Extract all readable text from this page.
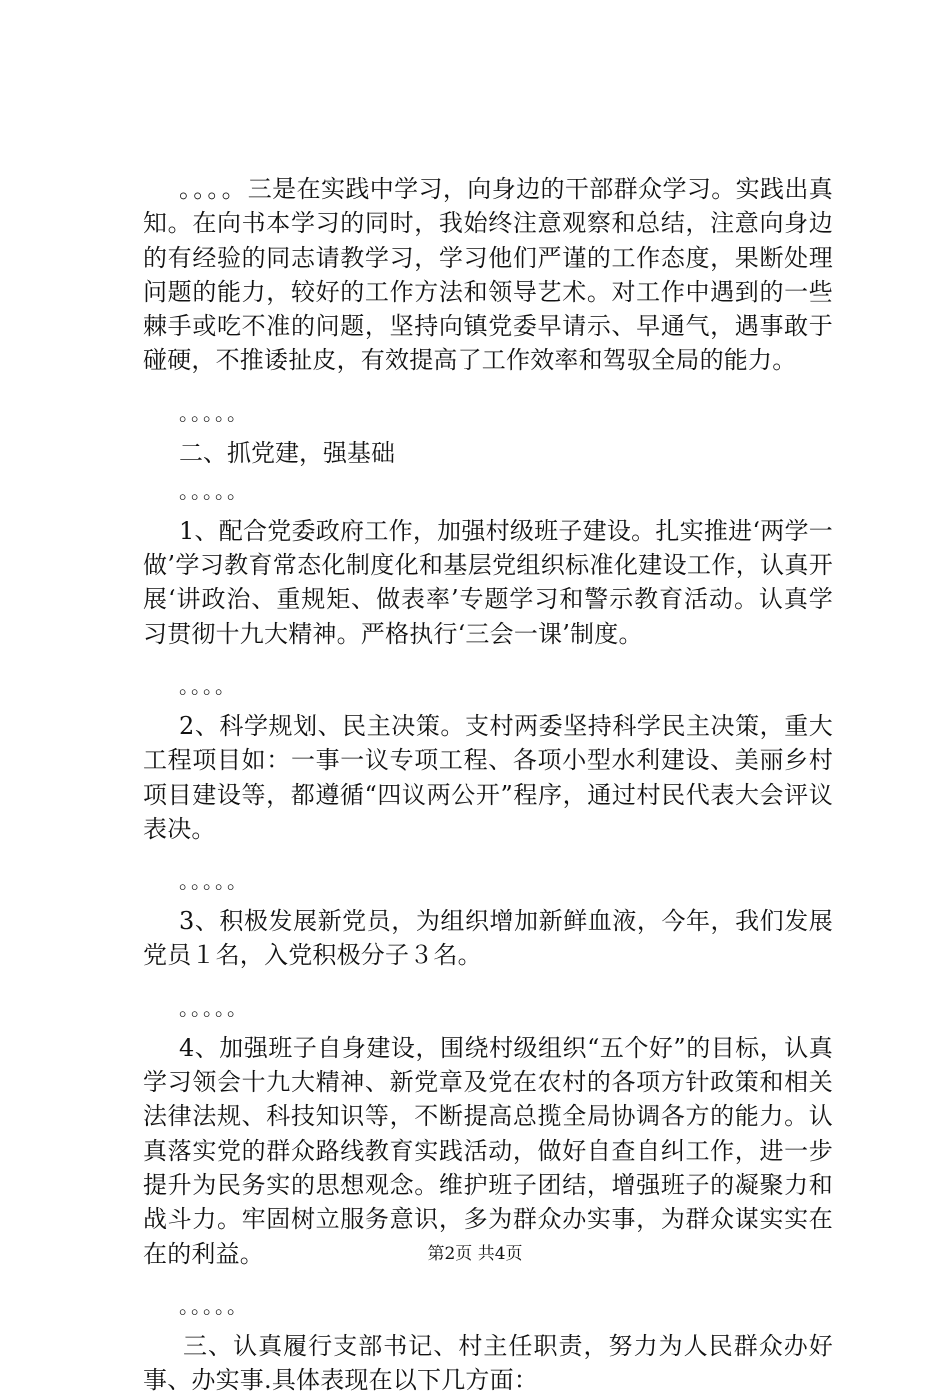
。。。。三是在实践中学习，向身边的干部群众学习。实践出真知。在向书本学习的同时，我始终注意观察和总结，注意向身边的有经验的同志请教学习，学习他们严谨的工作态度，果断处理问题的能力，较好的工作方法和领导艺术。对工作中遇到的一些棘手或吃不准的问题，坚持向镇党委早请示、早通气，遇事敢于碰硬，不推诿扯皮，有效提高了工作效率和驾驭全局的能力。

。。。。。
二、抓党建，强基础
。。。。。

1、配合党委政府工作，加强村级班子建设。扎实推进‘两学一做’学习教育常态化制度化和基层党组织标准化建设工作，认真开展‘讲政治、重规矩、做表率’专题学习和警示教育活动。认真学习贯彻十九大精神。严格执行‘三会一课’制度。

。。。。

2、科学规划、民主决策。支村两委坚持科学民主决策，重大工程项目如：一事一议专项工程、各项小型水利建设、美丽乡村项目建设等，都遵循“四议两公开”程序，通过村民代表大会评议表决。

。。。。。

3、积极发展新党员，为组织增加新鲜血液，今年，我们发展党员１名，入党积极分子３名。

。。。。。

4、加强班子自身建设，围绕村级组织“五个好”的目标，认真学习领会十九大精神、新党章及党在农村的各项方针政策和相关法律法规、科技知识等，不断提高总揽全局协调各方的能力。认真落实党的群众路线教育实践活动，做好自查自纠工作，进一步提升为民务实的思想观念。维护班子团结，增强班子的凝聚力和战斗力。牢固树立服务意识，多为群众办实事，为群众谋实实在在的利益。

。。。。。

三、认真履行支部书记、村主任职责，努力为人民群众办好事、办实事.具体表现在以下几方面：

第2页 共4页
